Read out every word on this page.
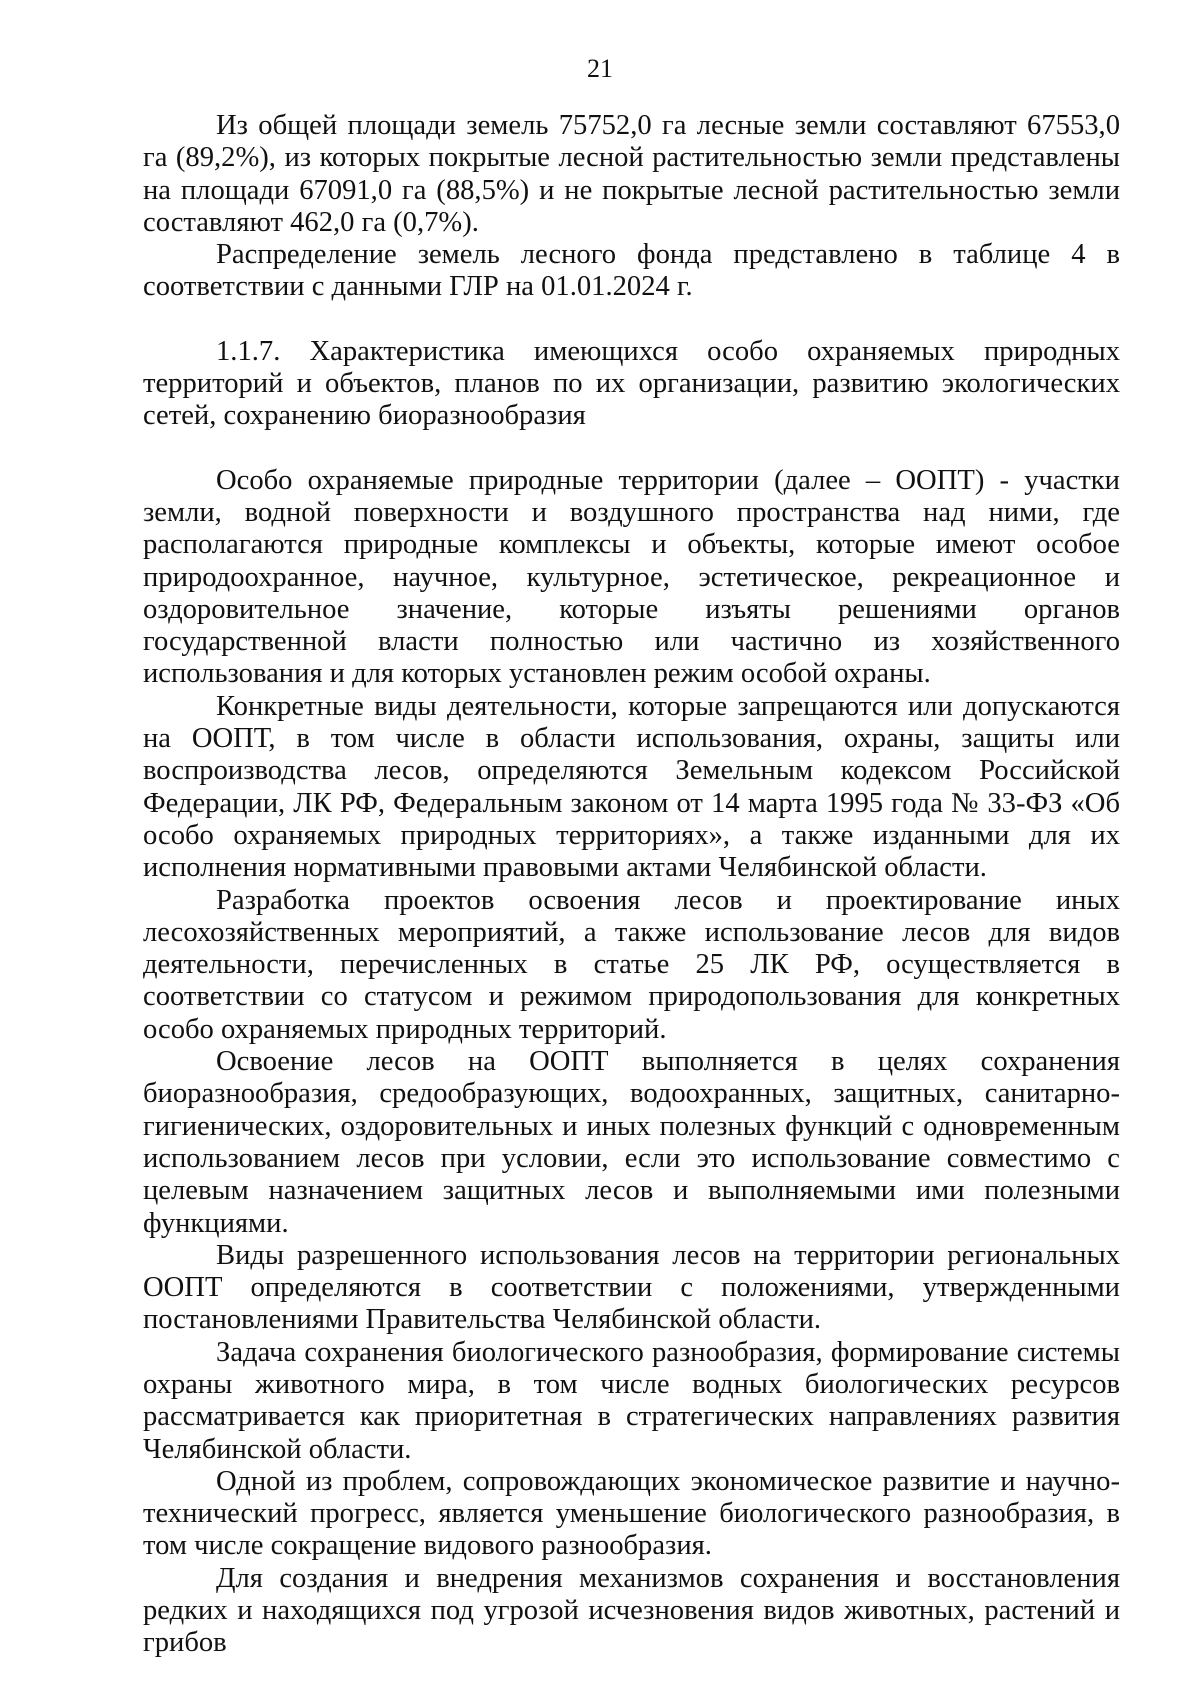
21

Из общей площади земель 75752,0 га лесные земли составляют 67553,0 га (89,2%), из которых покрытые лесной растительностью земли представлены на площади 67091,0 га (88,5%) и не покрытые лесной растительностью земли составляют 462,0 га (0,7%).

Распределение земель лесного фонда представлено в таблице 4 в соответствии с данными ГЛР на 01.01.2024 г.

1.1.7. Характеристика имеющихся особо охраняемых природных территорий и объектов, планов по их организации, развитию экологических сетей, сохранению биоразнообразия

Особо охраняемые природные территории (далее – ООПТ) - участки земли, водной поверхности и воздушного пространства над ними, где располагаются природные комплексы и объекты, которые имеют особое природоохранное, научное, культурное, эстетическое, рекреационное и оздоровительное значение, которые изъяты решениями органов государственной власти полностью или частично из хозяйственного использования и для которых установлен режим особой охраны.

Конкретные виды деятельности, которые запрещаются или допускаются на ООПТ, в том числе в области использования, охраны, защиты или воспроизводства лесов, определяются Земельным кодексом Российской Федерации, ЛК РФ, Федеральным законом от 14 марта 1995 года № 33-ФЗ «Об особо охраняемых природных территориях», а также изданными для их исполнения нормативными правовыми актами Челябинской области.

Разработка проектов освоения лесов и проектирование иных лесохозяйственных мероприятий, а также использование лесов для видов деятельности, перечисленных в статье 25 ЛК РФ, осуществляется в соответствии со статусом и режимом природопользования для конкретных особо охраняемых природных территорий.

Освоение лесов на ООПТ выполняется в целях сохранения биоразнообразия, средообразующих, водоохранных, защитных, санитарно-гигиенических, оздоровительных и иных полезных функций с одновременным использованием лесов при условии, если это использование совместимо с целевым назначением защитных лесов и выполняемыми ими полезными функциями.

Виды разрешенного использования лесов на территории региональных ООПТ определяются в соответствии с положениями, утвержденными постановлениями Правительства Челябинской области.

Задача сохранения биологического разнообразия, формирование системы охраны животного мира, в том числе водных биологических ресурсов рассматривается как приоритетная в стратегических направлениях развития Челябинской области.

Одной из проблем, сопровождающих экономическое развитие и научно-технический прогресс, является уменьшение биологического разнообразия, в том числе сокращение видового разнообразия.

Для создания и внедрения механизмов сохранения и восстановления редких и находящихся под угрозой исчезновения видов животных, растений и грибов
